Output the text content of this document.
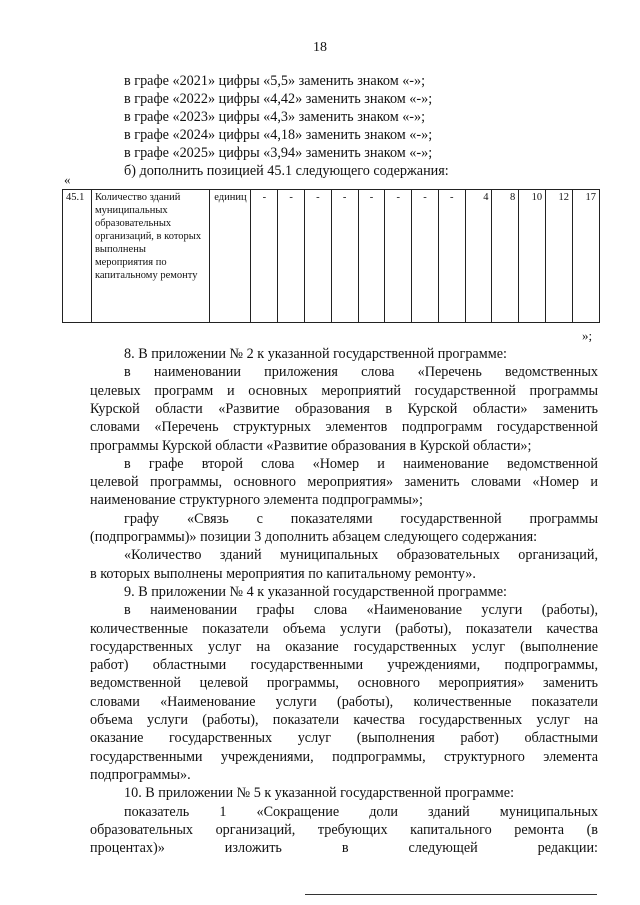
18
в графе «2021» цифры «5,5» заменить знаком «-»;
в графе «2022» цифры «4,42» заменить знаком «-»;
в графе «2023» цифры «4,3» заменить знаком «-»;
в графе «2024» цифры «4,18» заменить знаком «-»;
в графе «2025» цифры «3,94» заменить знаком «-»;
б) дополнить позицией 45.1 следующего содержания:
«
45.1	Количество зданий муниципальных образовательных организаций, в которых выполнены мероприятия по капитальному ремонту	единиц	-	-	-	-	-	-	-	-	4	8	10	12	17
»;
8. В приложении № 2 к указанной государственной программе:
в наименовании приложения слова «Перечень ведомственных
целевых программ и основных мероприятий государственной программы
Курской области «Развитие образования в Курской области» заменить
словами «Перечень структурных элементов подпрограмм государственной
программы Курской области «Развитие образования в Курской области»;
в графе второй слова «Номер и наименование ведомственной
целевой программы, основного мероприятия» заменить словами «Номер и
наименование структурного элемента подпрограммы»;
графу «Связь с показателями государственной программы
(подпрограммы)» позиции 3 дополнить абзацем следующего содержания:
«Количество зданий муниципальных образовательных организаций,
в которых выполнены мероприятия по капитальному ремонту».
9. В приложении № 4 к указанной государственной программе:
в наименовании графы слова «Наименование услуги (работы),
количественные показатели объема услуги (работы), показатели качества
государственных услуг на оказание государственных услуг (выполнение
работ) областными государственными учреждениями, подпрограммы,
ведомственной целевой программы, основного мероприятия» заменить
словами «Наименование услуги (работы), количественные показатели
объема услуги (работы), показатели качества государственных услуг на
оказание государственных услуг (выполнения работ) областными
государственными учреждениями, подпрограммы, структурного элемента
подпрограммы».
10. В приложении № 5 к указанной государственной программе:
показатель 1 «Сокращение доли зданий муниципальных
образовательных организаций, требующих капитального ремонта (в
процентах)» изложить в следующей редакции:
